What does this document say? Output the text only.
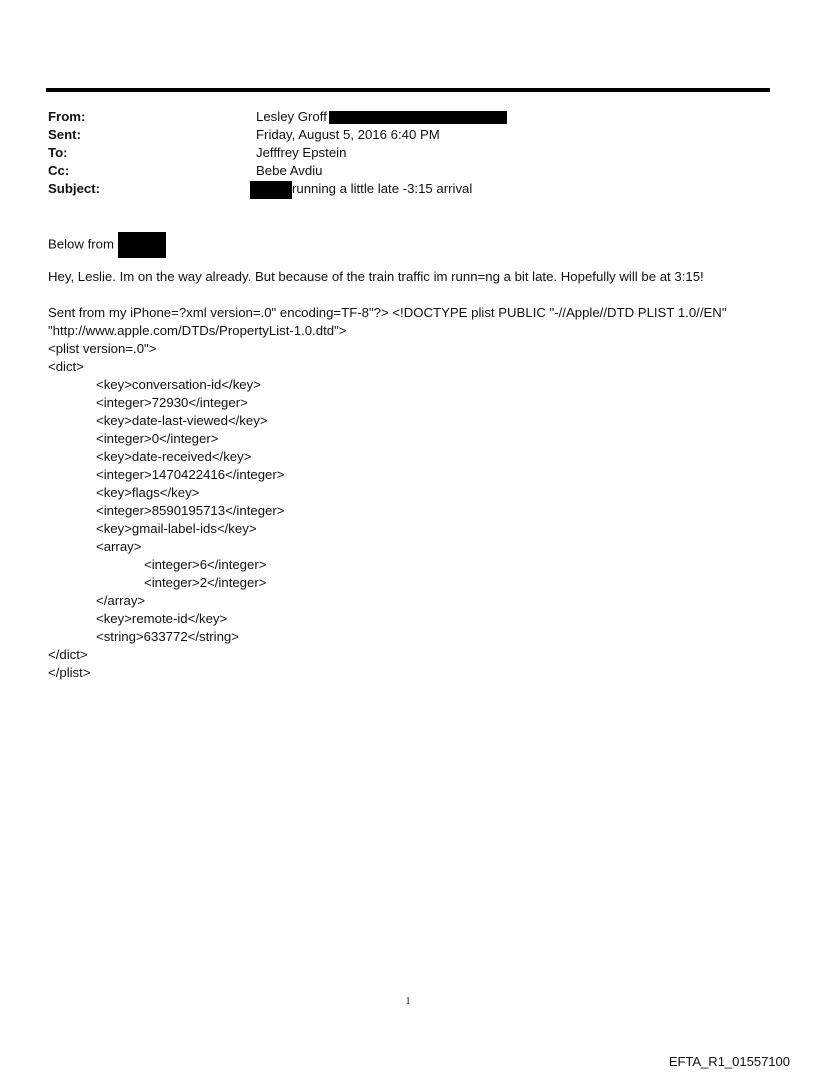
From:	Lesley Groff
Sent:	Friday, August 5, 2016 6:40 PM
To:	Jefffrey Epstein
Cc:	Bebe Avdiu
Subject:	running a little late -3:15 arrival
Below from
Hey, Leslie. Im on the way already. But because of the train traffic im runn=ng a bit late. Hopefully will be at 3:15!
Sent from my iPhone=?xml version=.0" encoding=TF-8"?> <!DOCTYPE plist PUBLIC "-//Apple//DTD PLIST 1.0//EN"
"http://www.apple.com/DTDs/PropertyList-1.0.dtd">
<plist version=.0">
<dict>
<key>conversation-id</key>
<integer>72930</integer>
<key>date-last-viewed</key>
<integer>0</integer>
<key>date-received</key>
<integer>1470422416</integer>
<key>flags</key>
<integer>8590195713</integer>
<key>gmail-label-ids</key>
<array>
<integer>6</integer>
<integer>2</integer>
</array>
<key>remote-id</key>
<string>633772</string>
</dict>
</plist>
1
EFTA_R1_01557100
